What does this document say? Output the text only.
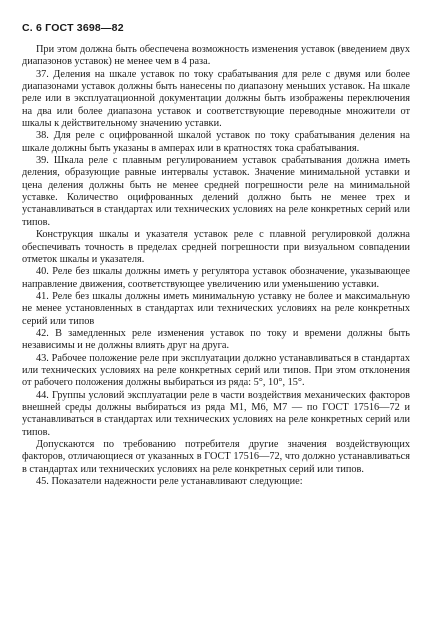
С. 6 ГОСТ 3698—82

При этом должна быть обеспечена возможность изменения уставок (введением двух диапазонов уставок) не менее чем в 4 раза.

37. Деления на шкале уставок по току срабатывания для реле с двумя или более диапазонами уставок должны быть нанесены по диапазону меньших уставок. На шкале реле или в эксплуатационной документации должны быть изображены переключения на два или более диапазона уставок и соответствующие переводные множители от шкалы к действительному значению уставки.

38. Для реле с оцифрованной шкалой уставок по току срабатывания деления на шкале должны быть указаны в амперах или в кратностях тока срабатывания.

39. Шкала реле с плавным регулированием уставок срабатывания должна иметь деления, образующие равные интервалы уставок. Значение минимальной уставки и цена деления должны быть не менее средней погрешности реле на минимальной уставке. Количество оцифрованных делений должно быть не менее трех и устанавливаться в стандартах или технических условиях на реле конкретных серий или типов.

Конструкция шкалы и указателя уставок реле с плавной регулировкой должна обеспечивать точность в пределах средней погрешности при визуальном совпадении отметок шкалы и указателя.

40. Реле без шкалы должны иметь у регулятора уставок обозначение, указывающее направление движения, соответствующее увеличению или уменьшению уставки.

41. Реле без шкалы должны иметь минимальную уставку не более и максимальную не менее установленных в стандартах или технических условиях на реле конкретных серий или типов

42. В замедленных реле изменения уставок по току и времени должны быть независимы и не должны влиять друг на друга.

43. Рабочее положение реле при эксплуатации должно устанавливаться в стандартах или технических условиях на реле конкретных серий или типов. При этом отклонения от рабочего положения должны выбираться из ряда: 5°, 10°, 15°.

44. Группы условий эксплуатации реле в части воздействия механических факторов внешней среды должны выбираться из ряда М1, М6, М7 — по ГОСТ 17516—72 и устанавливаться в стандартах или технических условиях на реле конкретных серий или типов.

Допускаются по требованию потребителя другие значения воздействующих факторов, отличающиеся от указанных в ГОСТ 17516—72, что должно устанавливаться в стандартах или технических условиях на реле конкретных серий или типов.

45. Показатели надежности реле устанавливают следующие:
